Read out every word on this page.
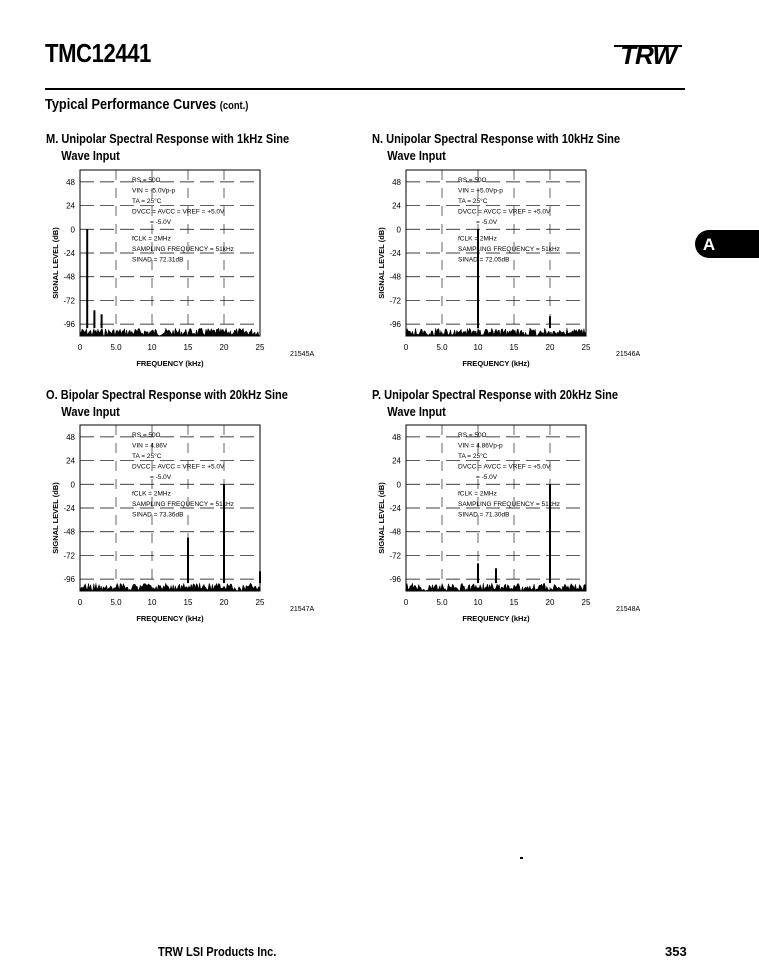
TMC12441	TRW
Typical Performance Curves (cont.)
A
M. Unipolar Spectral Response with 1kHz Sine
Wave Input
N. Unipolar Spectral Response with 10kHz Sine
Wave Input
O. Bipolar Spectral Response with 20kHz Sine
Wave Input
P. Unipolar Spectral Response with 20kHz Sine
Wave Input
48
24
0
-24
-48
-72
-96
0	5.0	10	15	20	25
RS = 50Ω
VIN = -5.0Vp-p
TA = 25°C
DVCC = AVCC = VREF = +5.0V
= -5.0V
fCLK = 2MHz
SAMPLING FREQUENCY = 51kHz
SINAD = 72.31dB
SIGNAL LEVEL (dB)
FREQUENCY (kHz)
21545A
48
24
0
-24
-48
-72
-96
0	5.0	10	15	20	25
RS = 50Ω
VIN = +5.0Vp-p
TA = 25°C
DVCC = AVCC = VREF = +5.0V
= -5.0V
fCLK = 2MHz
SAMPLING FREQUENCY = 51kHz
SINAD = 72.05dB
SIGNAL LEVEL (dB)
FREQUENCY (kHz)
21546A
48
24
0
-24
-48
-72
-96
0	5.0	10	15	20	25
RS = 50Ω
VIN = 4.86V
TA = 25°C
DVCC = AVCC = VREF = +5.0V
= -5.0V
fCLK = 2MHz
SAMPLING FREQUENCY = 51kHz
SINAD = 73.36dB
SIGNAL LEVEL (dB)
FREQUENCY (kHz)
21547A
48
24
0
-24
-48
-72
-96
0	5.0	10	15	20	25
RS = 50Ω
VIN = 4.86Vp-p
TA = 25°C
DVCC = AVCC = VREF = +5.0V
= -5.0V
fCLK = 2MHz
SAMPLING FREQUENCY = 51kHz
SINAD = 71.30dB
SIGNAL LEVEL (dB)
FREQUENCY (kHz)
21548A
TRW LSI Products Inc.	353
